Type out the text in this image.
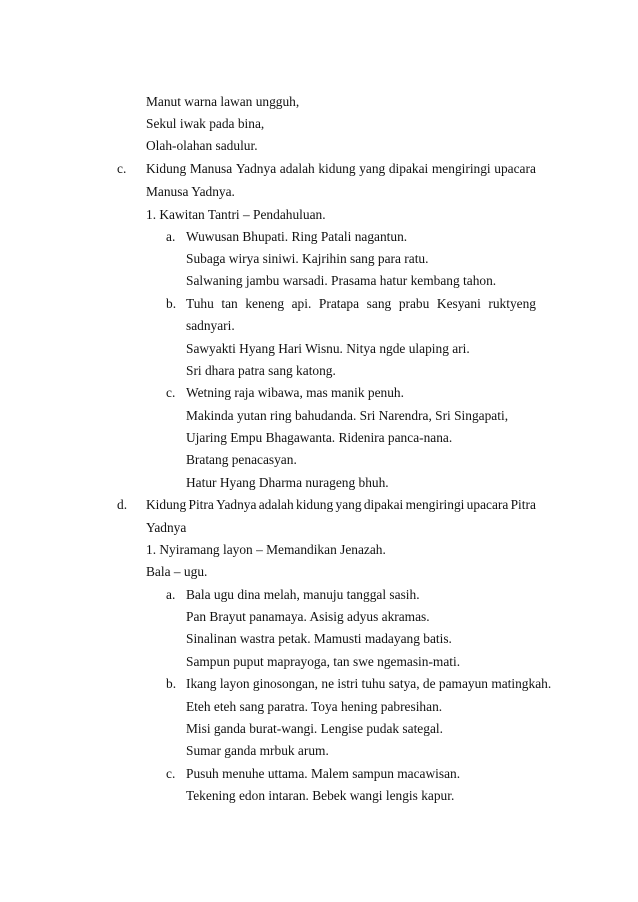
Manut warna lawan ungguh,
Sekul iwak pada bina,
Olah-olahan sadulur.
c. Kidung Manusa Yadnya adalah kidung yang dipakai mengiringi upacara
Manusa Yadnya.
1. Kawitan Tantri – Pendahuluan.
a. Wuwusan Bhupati. Ring Patali nagantun.
Subaga wirya siniwi. Kajrihin sang para ratu.
Salwaning jambu warsadi. Prasama hatur kembang tahon.
b. Tuhu tan keneng api. Pratapa sang prabu Kesyani ruktyeng
sadnyari.
Sawyakti Hyang Hari Wisnu. Nitya ngde ulaping ari.
Sri dhara patra sang katong.
c. Wetning raja wibawa, mas manik penuh.
Makinda yutan ring bahudanda. Sri Narendra, Sri Singapati,
Ujaring Empu Bhagawanta. Ridenira panca-nana.
Bratang penacasyan.
Hatur Hyang Dharma nurageng bhuh.
d. Kidung Pitra Yadnya adalah kidung yang dipakai mengiringi upacara Pitra
Yadnya
1. Nyiramang layon – Memandikan Jenazah.
Bala – ugu.
a. Bala ugu dina melah, manuju tanggal sasih.
Pan Brayut panamaya. Asisig adyus akramas.
Sinalinan wastra petak. Mamusti madayang batis.
Sampun puput maprayoga, tan swe ngemasin-mati.
b. Ikang layon ginosongan, ne istri tuhu satya, de pamayun matingkah.
Eteh eteh sang paratra. Toya hening pabresihan.
Misi ganda burat-wangi. Lengise pudak sategal.
Sumar ganda mrbuk arum.
c. Pusuh menuhe uttama. Malem sampun macawisan.
Tekening edon intaran. Bebek wangi lengis kapur.
